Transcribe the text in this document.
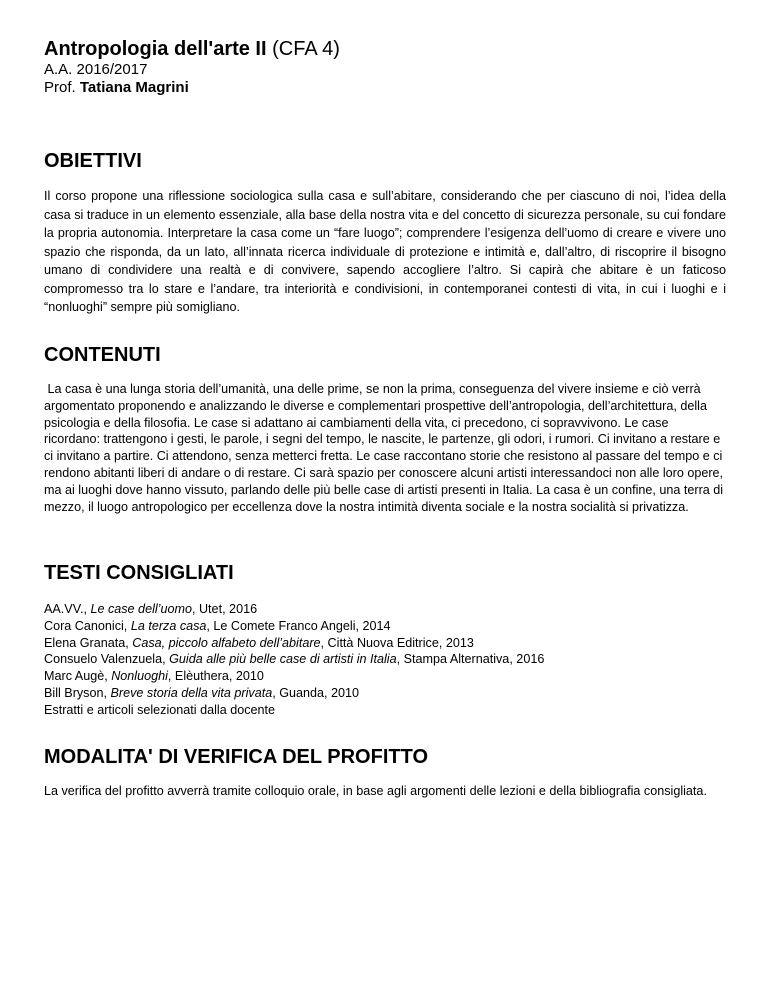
Antropologia dell'arte II (CFA 4)
A.A. 2016/2017
Prof. Tatiana Magrini
OBIETTIVI
Il corso propone una riflessione sociologica sulla casa e sull’abitare, considerando che per ciascuno di noi, l’idea della casa si traduce in un elemento essenziale, alla base della nostra vita e del concetto di sicurezza personale, su cui fondare la propria autonomia. Interpretare la casa come un “fare luogo”; comprendere l’esigenza dell’uomo di creare e vivere uno spazio che risponda, da un lato, all’innata ricerca individuale di protezione e intimità e, dall’altro, di riscoprire il bisogno umano di condividere una realtà e di convivere, sapendo accogliere l’altro. Si capirà che abitare è un faticoso compromesso tra lo stare e l’andare, tra interiorità e condivisioni, in contemporanei contesti di vita, in cui i luoghi e i “nonluoghi” sempre più somigliano.
CONTENUTI
La casa è una lunga storia dell’umanità, una delle prime, se non la prima, conseguenza del vivere insieme e ciò verrà argomentato proponendo e analizzando le diverse e complementari prospettive dell’antropologia, dell’architettura, della psicologia e della filosofia. Le case si adattano ai cambiamenti della vita, ci precedono, ci sopravvivono. Le case ricordano: trattengono i gesti, le parole, i segni del tempo, le nascite, le partenze, gli odori, i rumori. Ci invitano a restare e ci invitano a partire. Ci attendono, senza metterci fretta. Le case raccontano storie che resistono al passare del tempo e ci rendono abitanti liberi di andare o di restare. Ci sarà spazio per conoscere alcuni artisti interessandoci non alle loro opere, ma ai luoghi dove hanno vissuto, parlando delle più belle case di artisti presenti in Italia. La casa è un confine, una terra di mezzo, il luogo antropologico per eccellenza dove la nostra intimità diventa sociale e la nostra socialità si privatizza.
TESTI CONSIGLIATI
AA.VV., Le case dell’uomo, Utet, 2016
Cora Canonici, La terza casa, Le Comete Franco Angeli, 2014
Elena Granata, Casa, piccolo alfabeto dell’abitare, Città Nuova Editrice, 2013
Consuelo Valenzuela, Guida alle più belle case di artisti in Italia, Stampa Alternativa, 2016
Marc Augè, Nonluoghi, Elèuthera, 2010
Bill Bryson, Breve storia della vita privata, Guanda, 2010
Estratti e articoli selezionati dalla docente
MODALITA' DI VERIFICA DEL PROFITTO
La verifica del profitto avverrà tramite colloquio orale, in base agli argomenti delle lezioni e della bibliografia consigliata.
